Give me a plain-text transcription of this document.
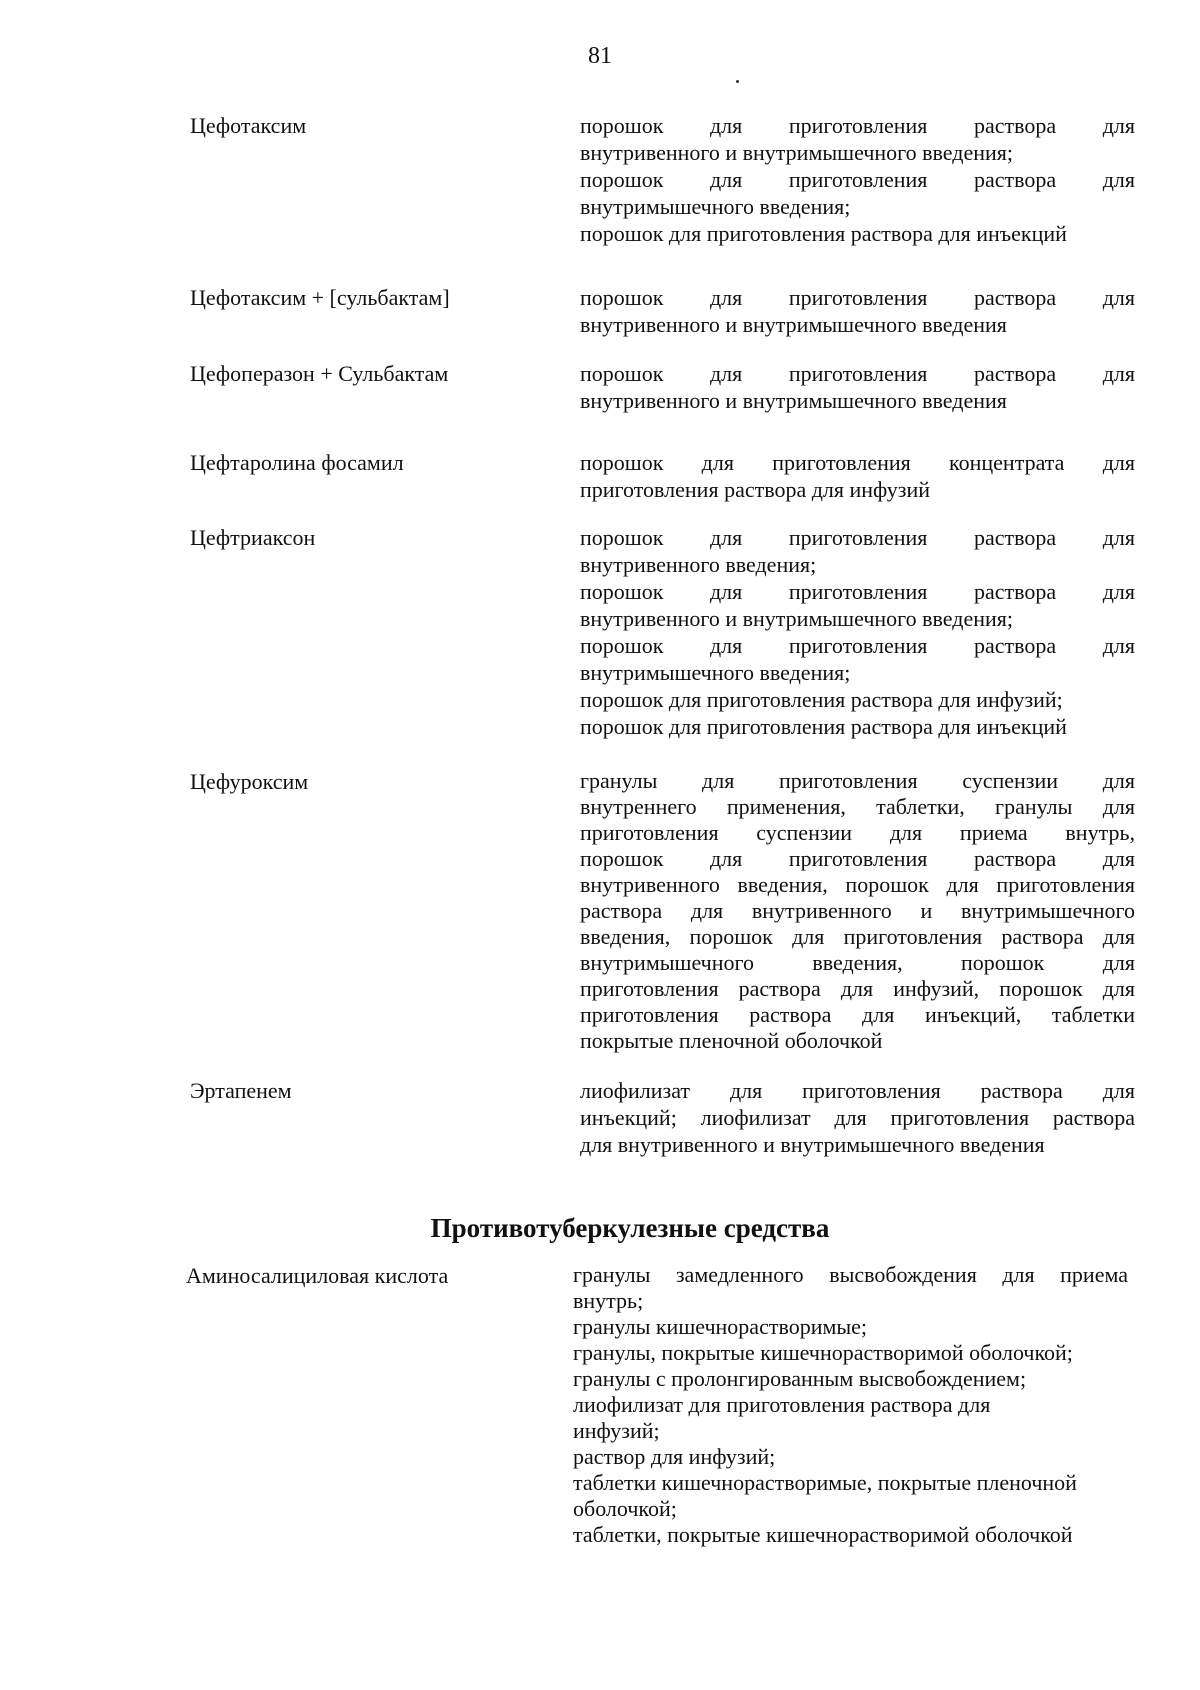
81
Цефотаксим	порошок для приготовления раствора для
внутривенного и внутримышечного введения;
порошок для приготовления раствора для
внутримышечного введения;
порошок для приготовления раствора для инъекций
Цефотаксим + [сульбактам]	порошок для приготовления раствора для
внутривенного и внутримышечного введения
Цефоперазон + Сульбактам	порошок для приготовления раствора для
внутривенного и внутримышечного введения
Цефтаролина фосамил	порошок для приготовления концентрата для
приготовления раствора для инфузий
Цефтриаксон	порошок для приготовления раствора для
внутривенного введения;
порошок для приготовления раствора для
внутривенного и внутримышечного введения;
порошок для приготовления раствора для
внутримышечного введения;
порошок для приготовления раствора для инфузий;
порошок для приготовления раствора для инъекций
Цефуроксим	гранулы для приготовления суспензии для
внутреннего применения, таблетки, гранулы для
приготовления суспензии для приема внутрь,
порошок для приготовления раствора для
внутривенного введения, порошок для приготовления
раствора для внутривенного и внутримышечного
введения, порошок для приготовления раствора для
внутримышечного введения, порошок для
приготовления раствора для инфузий, порошок для
приготовления раствора для инъекций, таблетки
покрытые пленочной оболочкой
Эртапенем	лиофилизат для приготовления раствора для
инъекций; лиофилизат для приготовления раствора
для внутривенного и внутримышечного введения
Противотуберкулезные средства
Аминосалициловая кислота	гранулы замедленного высвобождения для приема
внутрь;
гранулы кишечнорастворимые;
гранулы, покрытые кишечнорастворимой оболочкой;
гранулы с пролонгированным высвобождением;
лиофилизат для приготовления раствора для
инфузий;
раствор для инфузий;
таблетки кишечнорастворимые, покрытые пленочной
оболочкой;
таблетки, покрытые кишечнорастворимой оболочкой
